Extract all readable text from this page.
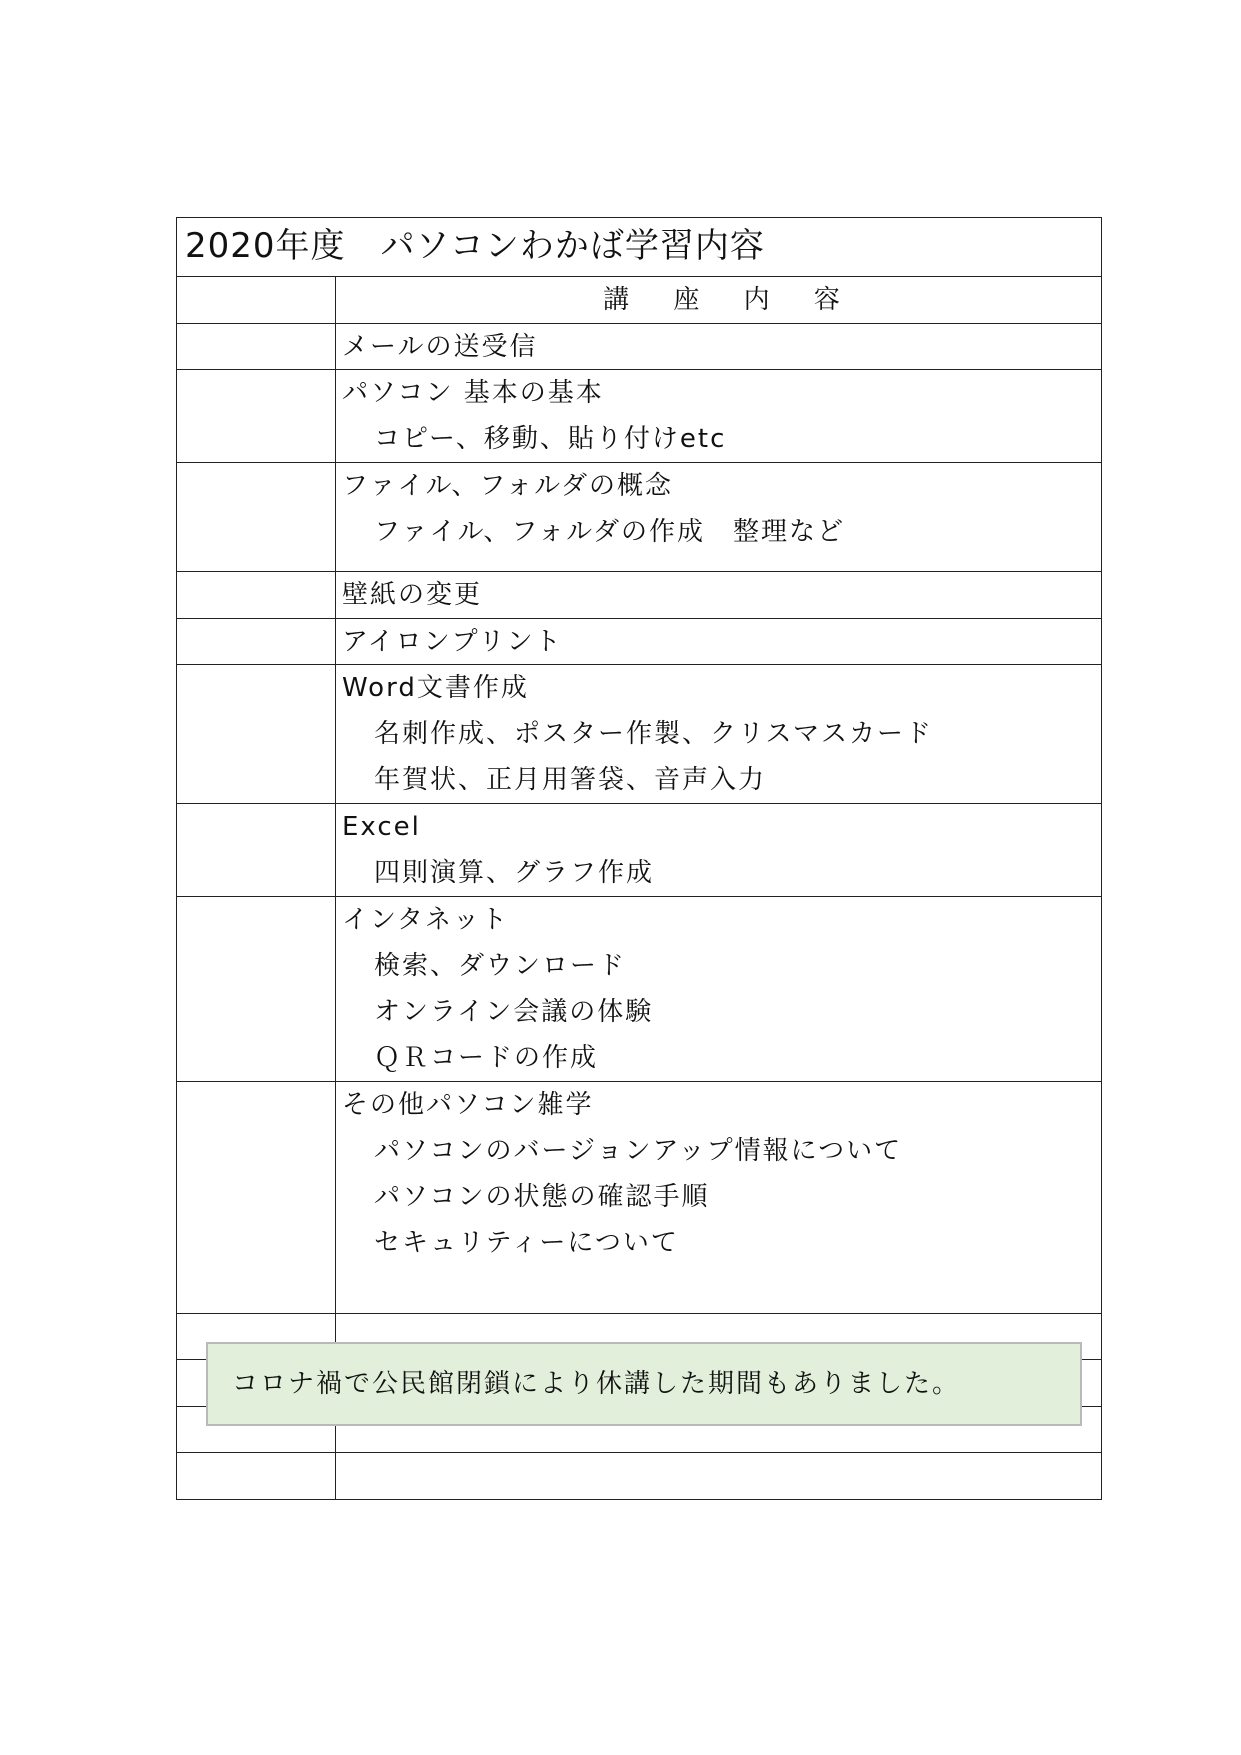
2020年度　パソコンわかば学習内容
講 座 内 容
メールの送受信
パソコン 基本の基本
コピー、移動、貼り付けetc
ファイル、フォルダの概念
ファイル、フォルダの作成　整理など
壁紙の変更
アイロンプリント
Word文書作成
名刺作成、ポスター作製、クリスマスカード
年賀状、正月用箸袋、音声入力
Excel
四則演算、グラフ作成
インタネット
検索、ダウンロード
オンライン会議の体験
ＱＲコードの作成
その他パソコン雑学
パソコンのバージョンアップ情報について
パソコンの状態の確認手順
セキュリティーについて
コロナ禍で公民館閉鎖により休講した期間もありました。
